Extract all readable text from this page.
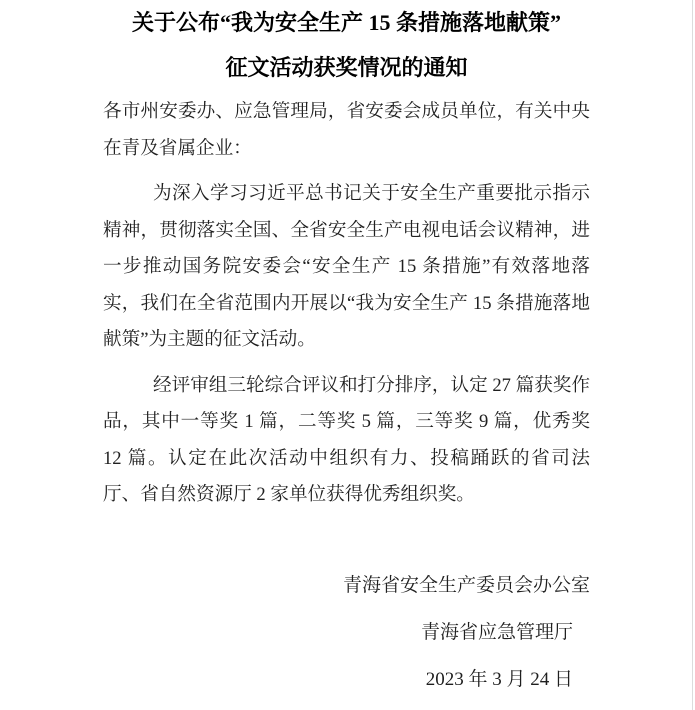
关于公布“我为安全生产 15 条措施落地献策”
征文活动获奖情况的通知

各市州安委办、应急管理局，省安委会成员单位，有关中央在青及省属企业：

为深入学习习近平总书记关于安全生产重要批示指示精神，贯彻落实全国、全省安全生产电视电话会议精神，进一步推动国务院安委会“安全生产 15 条措施”有效落地落实，我们在全省范围内开展以“我为安全生产 15 条措施落地献策”为主题的征文活动。

经评审组三轮综合评议和打分排序，认定 27 篇获奖作品，其中一等奖 1 篇，二等奖 5 篇，三等奖 9 篇，优秀奖 12 篇。认定在此次活动中组织有力、投稿踊跃的省司法厅、省自然资源厅 2 家单位获得优秀组织奖。

青海省安全生产委员会办公室
青海省应急管理厅
2023 年 3 月 24 日
